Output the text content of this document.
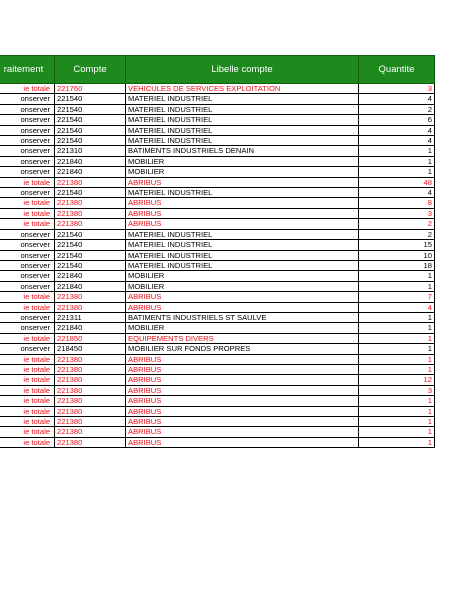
raitement	Compte	Libelle compte	Quantite
ie totale	221760	VEHICULES DE SERVICES EXPLOITATION	3
onserver	221540	MATERIEL INDUSTRIEL	4
onserver	221540	MATERIEL INDUSTRIEL	2
onserver	221540	MATERIEL INDUSTRIEL	6
onserver	221540	MATERIEL INDUSTRIEL	4
onserver	221540	MATERIEL INDUSTRIEL	4
onserver	221310	BATIMENTS INDUSTRIELS DENAIN	1
onserver	221840	MOBILIER	1
onserver	221840	MOBILIER	1
ie totale	221380	ABRIBUS	48
onserver	221540	MATERIEL INDUSTRIEL	4
ie totale	221380	ABRIBUS	8
ie totale	221380	ABRIBUS	3
ie totale	221380	ABRIBUS	2
onserver	221540	MATERIEL INDUSTRIEL	2
onserver	221540	MATERIEL INDUSTRIEL	15
onserver	221540	MATERIEL INDUSTRIEL	10
onserver	221540	MATERIEL INDUSTRIEL	18
onserver	221840	MOBILIER	1
onserver	221840	MOBILIER	1
ie totale	221380	ABRIBUS	7
ie totale	221380	ABRIBUS	4
onserver	221311	BATIMENTS INDUSTRIELS ST SAULVE	1
onserver	221840	MOBILIER	1
ie totale	221850	EQUIPEMENTS DIVERS	1
onserver	218450	MOBILIER SUR FONDS PROPRES	1
ie totale	221380	ABRIBUS	1
ie totale	221380	ABRIBUS	1
ie totale	221380	ABRIBUS	12
ie totale	221380	ABRIBUS	3
ie totale	221380	ABRIBUS	1
ie totale	221380	ABRIBUS	1
ie totale	221380	ABRIBUS	1
ie totale	221380	ABRIBUS	1
ie totale	221380	ABRIBUS	1
